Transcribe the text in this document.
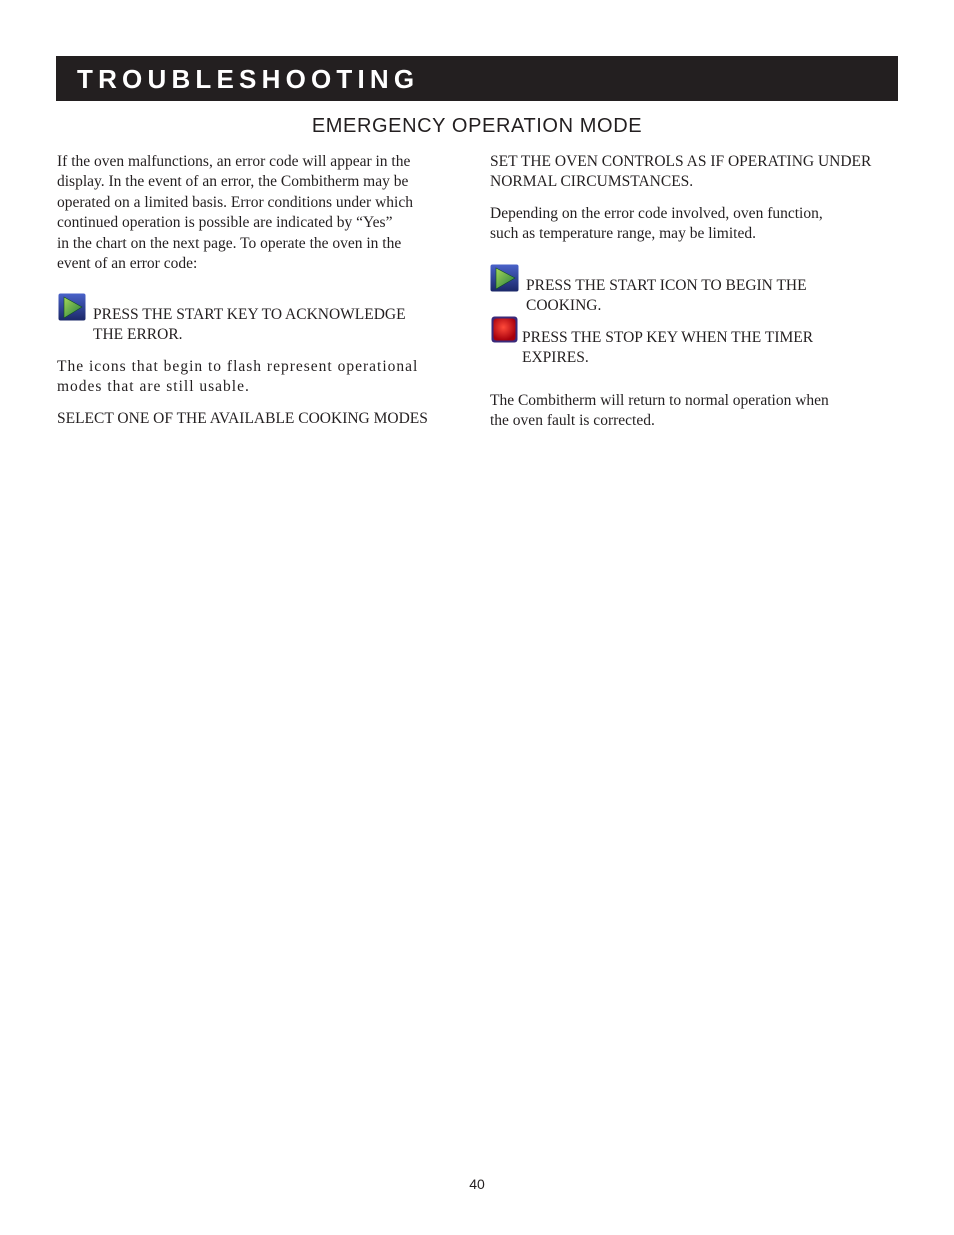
TROUBLESHOOTING
EMERGENCY OPERATION MODE
If the oven malfunctions, an error code will appear in the
display. In the event of an error, the Combitherm may be
operated on a limited basis. Error conditions under which
continued operation is possible are indicated by “Yes”
in the chart on the next page. To operate the oven in the
event of an error code:
PRESS THE START KEY TO ACKNOWLEDGE
THE ERROR.
The icons that begin to flash represent operational
modes that are still usable.
SELECT ONE OF THE AVAILABLE COOKING MODES
SET THE OVEN CONTROLS AS IF OPERATING UNDER
NORMAL CIRCUMSTANCES.
Depending on the error code involved, oven function,
such as temperature range, may be limited.
PRESS THE START ICON TO BEGIN THE
COOKING.
PRESS THE STOP KEY WHEN THE TIMER
EXPIRES.
The Combitherm will return to normal operation when
the oven fault is corrected.
40
